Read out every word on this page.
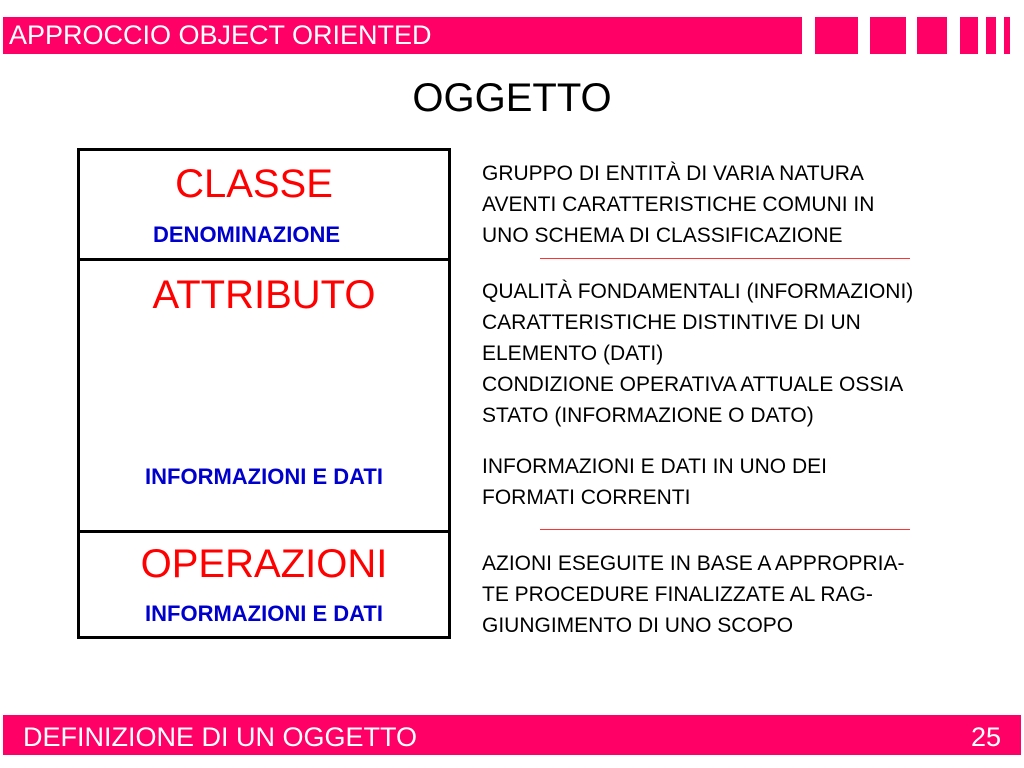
APPROCCIO OBJECT ORIENTED
OGGETTO
CLASSE
DENOMINAZIONE
ATTRIBUTO
INFORMAZIONI E DATI
OPERAZIONI
INFORMAZIONI E DATI
GRUPPO DI ENTITÀ DI VARIA NATURA
AVENTI CARATTERISTICHE COMUNI IN
UNO SCHEMA DI CLASSIFICAZIONE
QUALITÀ FONDAMENTALI (INFORMAZIONI)
CARATTERISTICHE DISTINTIVE DI UN
ELEMENTO (DATI)
CONDIZIONE OPERATIVA ATTUALE OSSIA
STATO (INFORMAZIONE O DATO)
INFORMAZIONI E DATI IN UNO DEI
FORMATI CORRENTI
AZIONI ESEGUITE IN BASE A APPROPRIA-
TE PROCEDURE FINALIZZATE AL RAG-
GIUNGIMENTO DI UNO SCOPO
DEFINIZIONE DI UN OGGETTO	25
